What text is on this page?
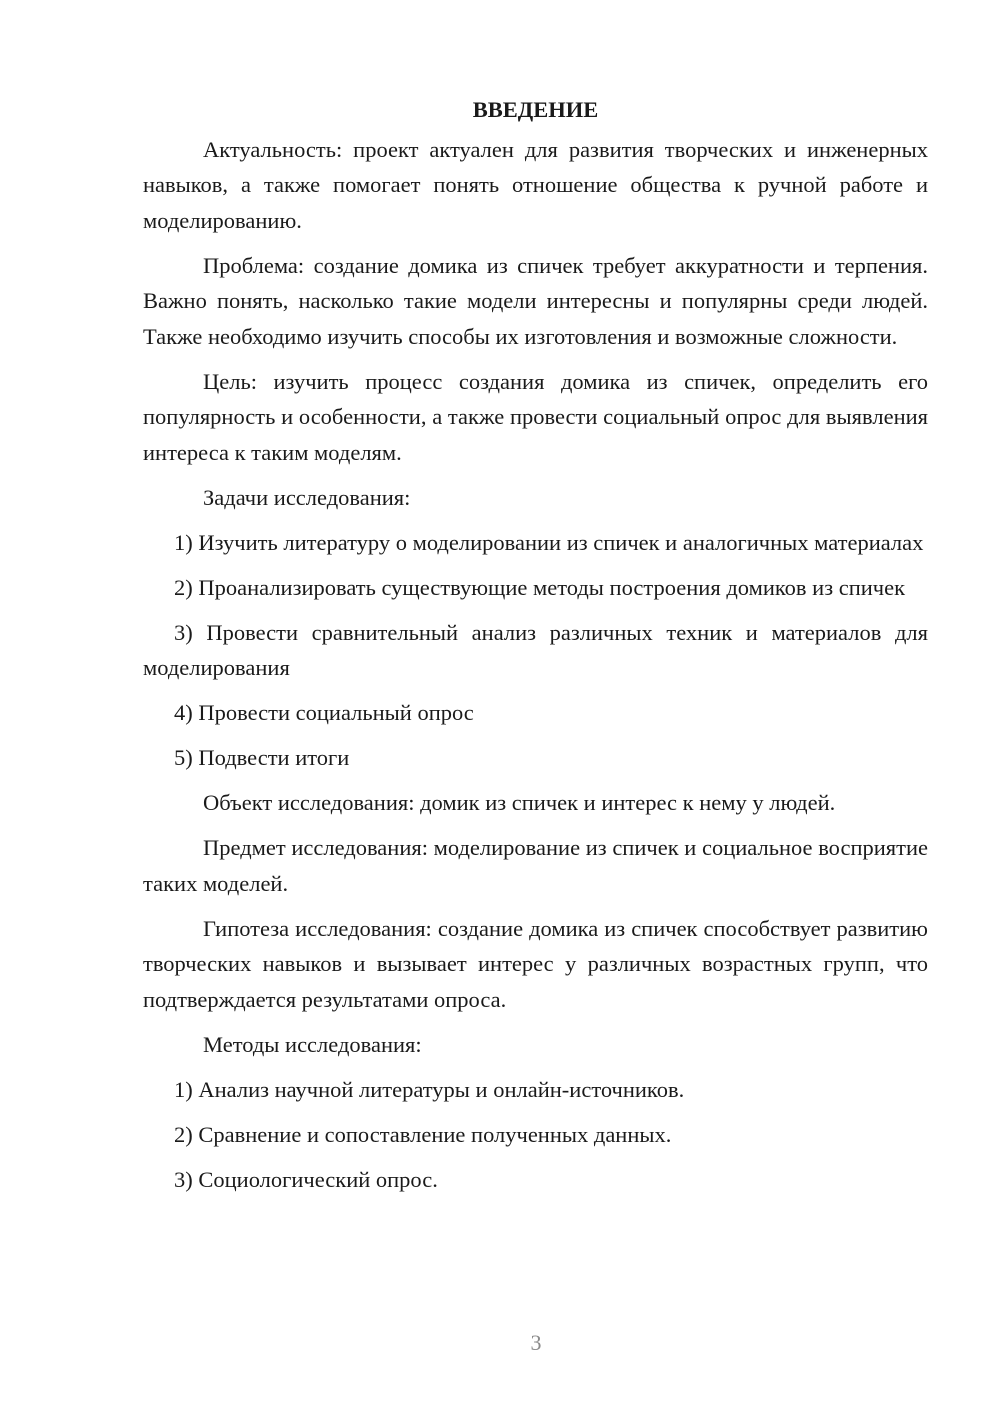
ВВЕДЕНИЕ
Актуальность: проект актуален для развития творческих и инженерных навыков, а также помогает понять отношение общества к ручной работе и моделированию.
Проблема: создание домика из спичек требует аккуратности и терпения. Важно понять, насколько такие модели интересны и популярны среди людей. Также необходимо изучить способы их изготовления и возможные сложности.
Цель: изучить процесс создания домика из спичек, определить его популярность и особенности, а также провести социальный опрос для выявления интереса к таким моделям.
Задачи исследования:
1) Изучить литературу о моделировании из спичек и аналогичных материалах
2) Проанализировать существующие методы построения домиков из спичек
3) Провести сравнительный анализ различных техник и материалов для моделирования
4) Провести социальный опрос
5) Подвести итоги
Объект исследования: домик из спичек и интерес к нему у людей.
Предмет исследования: моделирование из спичек и социальное восприятие таких моделей.
Гипотеза исследования: создание домика из спичек способствует развитию творческих навыков и вызывает интерес у различных возрастных групп, что подтверждается результатами опроса.
Методы исследования:
1) Анализ научной литературы и онлайн-источников.
2) Сравнение и сопоставление полученных данных.
3) Социологический опрос.
3
